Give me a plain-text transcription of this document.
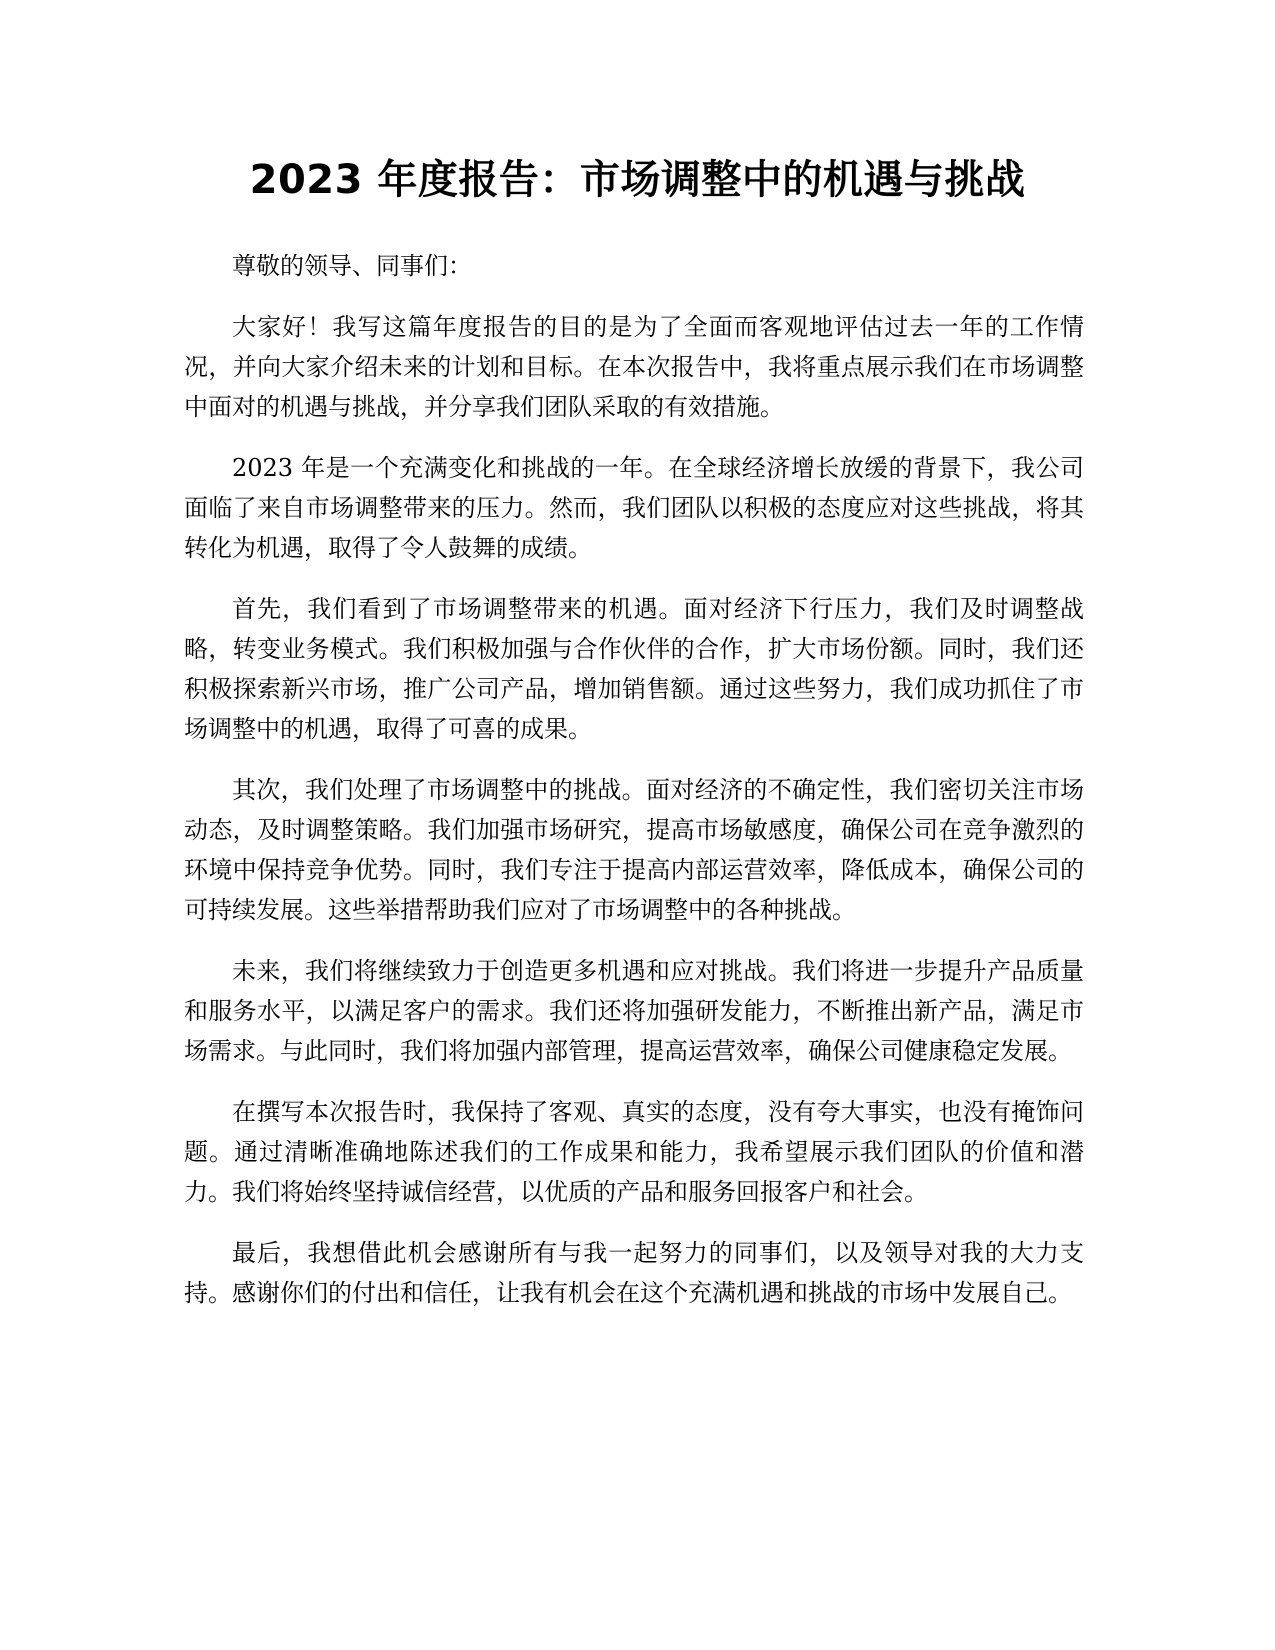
2023 年度报告：市场调整中的机遇与挑战

尊敬的领导、同事们：

大家好！我写这篇年度报告的目的是为了全面而客观地评估过去一年的工作情况，并向大家介绍未来的计划和目标。在本次报告中，我将重点展示我们在市场调整中面对的机遇与挑战，并分享我们团队采取的有效措施。

2023 年是一个充满变化和挑战的一年。在全球经济增长放缓的背景下，我公司面临了来自市场调整带来的压力。然而，我们团队以积极的态度应对这些挑战，将其转化为机遇，取得了令人鼓舞的成绩。

首先，我们看到了市场调整带来的机遇。面对经济下行压力，我们及时调整战略，转变业务模式。我们积极加强与合作伙伴的合作，扩大市场份额。同时，我们还积极探索新兴市场，推广公司产品，增加销售额。通过这些努力，我们成功抓住了市场调整中的机遇，取得了可喜的成果。

其次，我们处理了市场调整中的挑战。面对经济的不确定性，我们密切关注市场动态，及时调整策略。我们加强市场研究，提高市场敏感度，确保公司在竞争激烈的环境中保持竞争优势。同时，我们专注于提高内部运营效率，降低成本，确保公司的可持续发展。这些举措帮助我们应对了市场调整中的各种挑战。

未来，我们将继续致力于创造更多机遇和应对挑战。我们将进一步提升产品质量和服务水平，以满足客户的需求。我们还将加强研发能力，不断推出新产品，满足市场需求。与此同时，我们将加强内部管理，提高运营效率，确保公司健康稳定发展。

在撰写本次报告时，我保持了客观、真实的态度，没有夸大事实，也没有掩饰问题。通过清晰准确地陈述我们的工作成果和能力，我希望展示我们团队的价值和潜力。我们将始终坚持诚信经营，以优质的产品和服务回报客户和社会。

最后，我想借此机会感谢所有与我一起努力的同事们，以及领导对我的大力支持。感谢你们的付出和信任，让我有机会在这个充满机遇和挑战的市场中发展自己。
